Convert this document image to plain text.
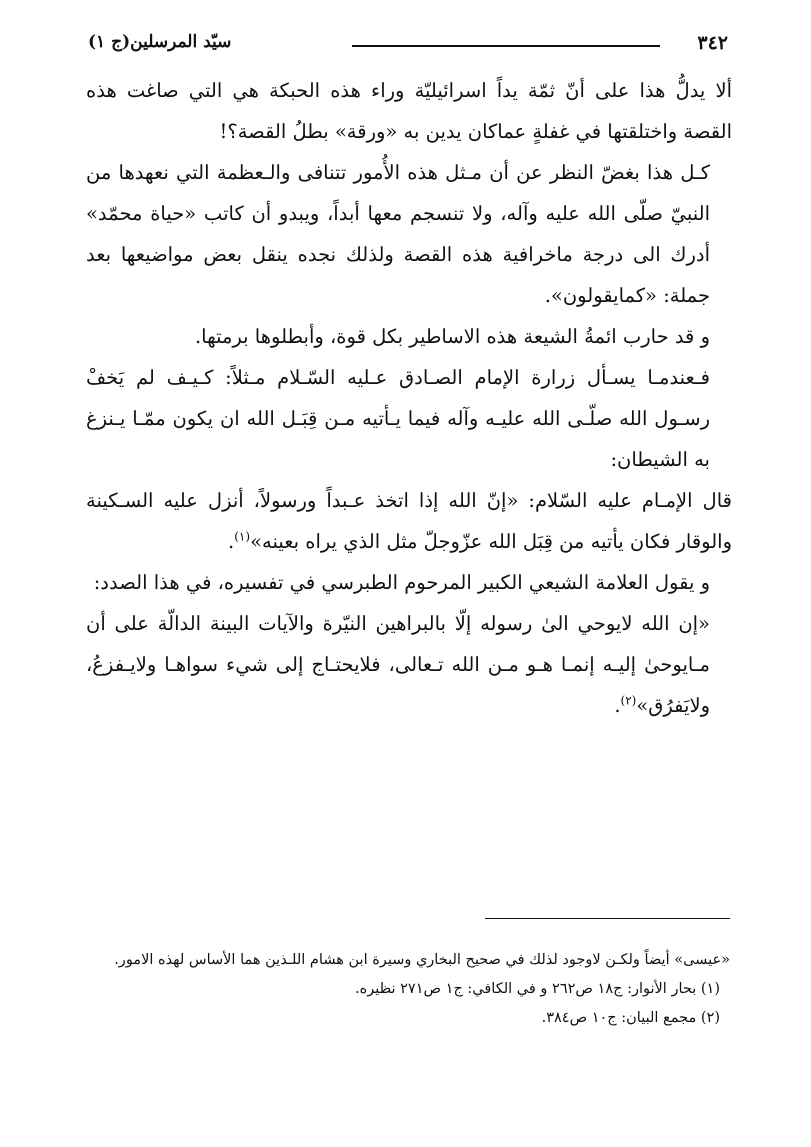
٣٤٢
سيّد المرسلين(ج ١)

ألا يدلُّ هذا على أنّ ثمّة يداً اسرائيليّة وراء هذه الحبكة هي التي صاغت هذه القصة واختلقتها في غفلةٍ عماكان يدين به «ورقة» بطلُ القصة؟!

كـل هذا بغضّ النظر عن أن مـثل هذه الأُمور تتنافى والـعظمة التي نعهدها من النبيّ صلّى الله عليه وآله، ولا تنسجم معها أبداً، ويبدو أن كاتب «حياة محمّد» أدرك الى درجة ماخرافية هذه القصة ولذلك نجده ينقل بعض مواضيعها بعد جملة: «كمايقولون».

و قد حارب ائمةُ الشيعة هذه الاساطير بكل قوة، وأبطلوها برمتها.

فـعندمـا يسـأل زرارة الإمام الصـادق عـليه السّـلام مـثلاً: كـيـف لم يَخفْ رسـول الله صلّـى الله عليـه وآله فيما يـأتيه مـن قِبَـل الله ان يكون ممّـا يـنزغ به الشيطان:

قال الإمـام عليه السّلام: «إنّ الله إذا اتخذ عـبداً ورسولاً، أنزل عليه السـكينة والوقار فكان يأتيه من قِبَل الله عزّوجلّ مثل الذي يراه بعينه»$^{(١)}$.

و يقول العلامة الشيعي الكبير المرحوم الطبرسي في تفسيره، في هذا الصدد:

«إن الله لايوحي الىٰ رسوله إلّا بالبراهين النيّرة والآيات البينة الدالّة على أن مـايوحىٰ إليـه إنمـا هـو مـن الله تـعالى، فلايحتـاج إلى شيء سواهـا ولايـفزعُ، ولايَفرُق»$^{(٢)}$.

«عيسى» أيضاً ولكـن لاوجود لذلك في صحيح البخاري وسيرة ابن هشام اللـذين هما الأساس لهذه الامور.

(١) بحار الأنوار: ج١٨ ص٢٦٢ و في الكافي: ج١ ص٢٧١ نظيره.

(٢) مجمع البيان: ج١٠ ص٣٨٤.
